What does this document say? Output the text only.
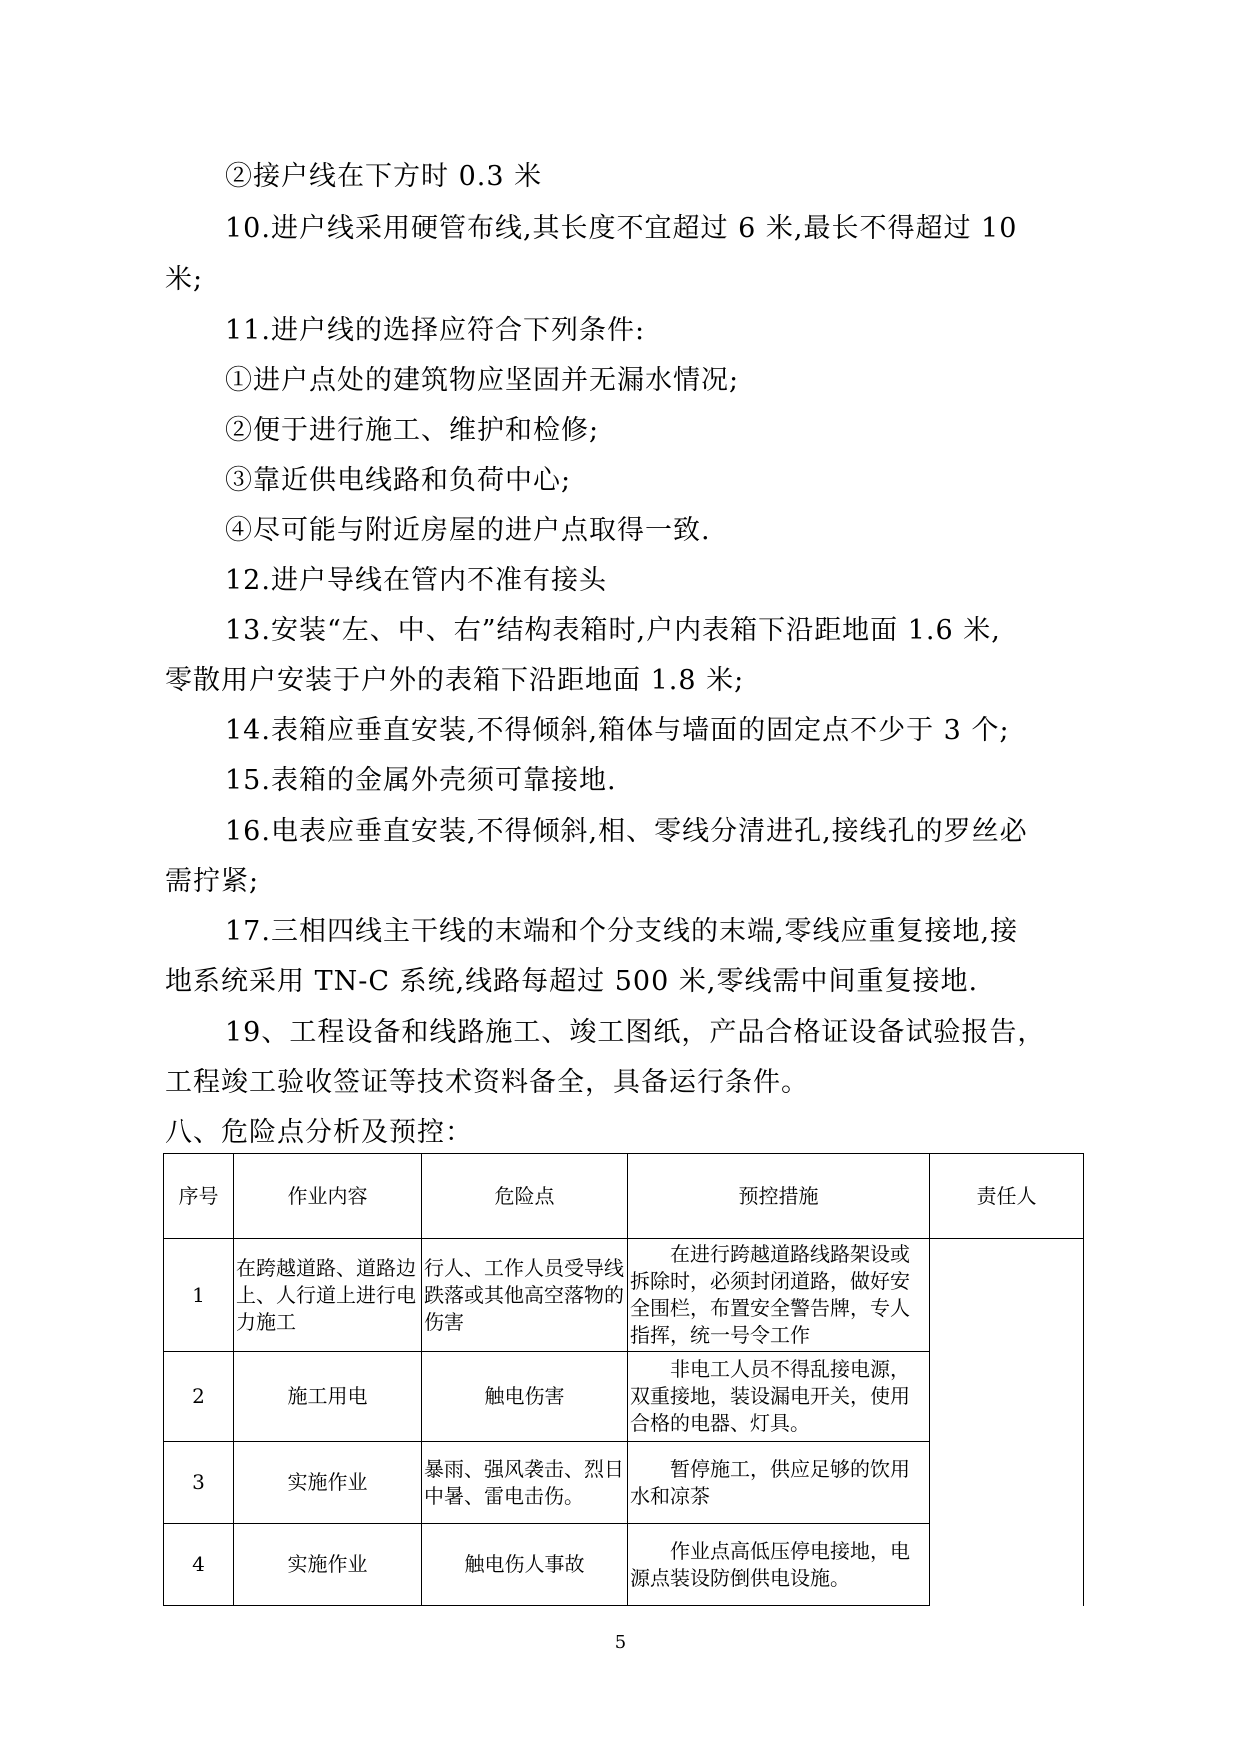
②接户线在下方时 0.3 米
10.进户线采用硬管布线,其长度不宜超过 6 米,最长不得超过 10
米;
11.进户线的选择应符合下列条件:
①进户点处的建筑物应坚固并无漏水情况;
②便于进行施工、维护和检修;
③靠近供电线路和负荷中心;
④尽可能与附近房屋的进户点取得一致.
12.进户导线在管内不准有接头
13.安装“左、中、右”结构表箱时,户内表箱下沿距地面 1.6 米,
零散用户安装于户外的表箱下沿距地面 1.8 米;
14.表箱应垂直安装,不得倾斜,箱体与墙面的固定点不少于 3 个;
15.表箱的金属外壳须可靠接地.
16.电表应垂直安装,不得倾斜,相、零线分清进孔,接线孔的罗丝必
需拧紧;
17.三相四线主干线的末端和个分支线的末端,零线应重复接地,接
地系统采用 TN-C 系统,线路每超过 500 米,零线需中间重复接地.
19、工程设备和线路施工、竣工图纸，产品合格证设备试验报告，
工程竣工验收签证等技术资料备全，具备运行条件。
八、危险点分析及预控：
序号	作业内容	危险点	预控措施	责任人
1	在跨越道路、道路边上、人行道上进行电力施工	行人、工作人员受导线跌落或其他高空落物的伤害	在进行跨越道路线路架设或拆除时，必须封闭道路，做好安全围栏，布置安全警告牌，专人指挥，统一号令工作	
2	施工用电	触电伤害	非电工人员不得乱接电源，双重接地，装设漏电开关，使用合格的电器、灯具。	
3	实施作业	暴雨、强风袭击、烈日中暑、雷电击伤。	暂停施工，供应足够的饮用水和凉茶	
4	实施作业	触电伤人事故	作业点高低压停电接地，电源点装设防倒供电设施。	
5
